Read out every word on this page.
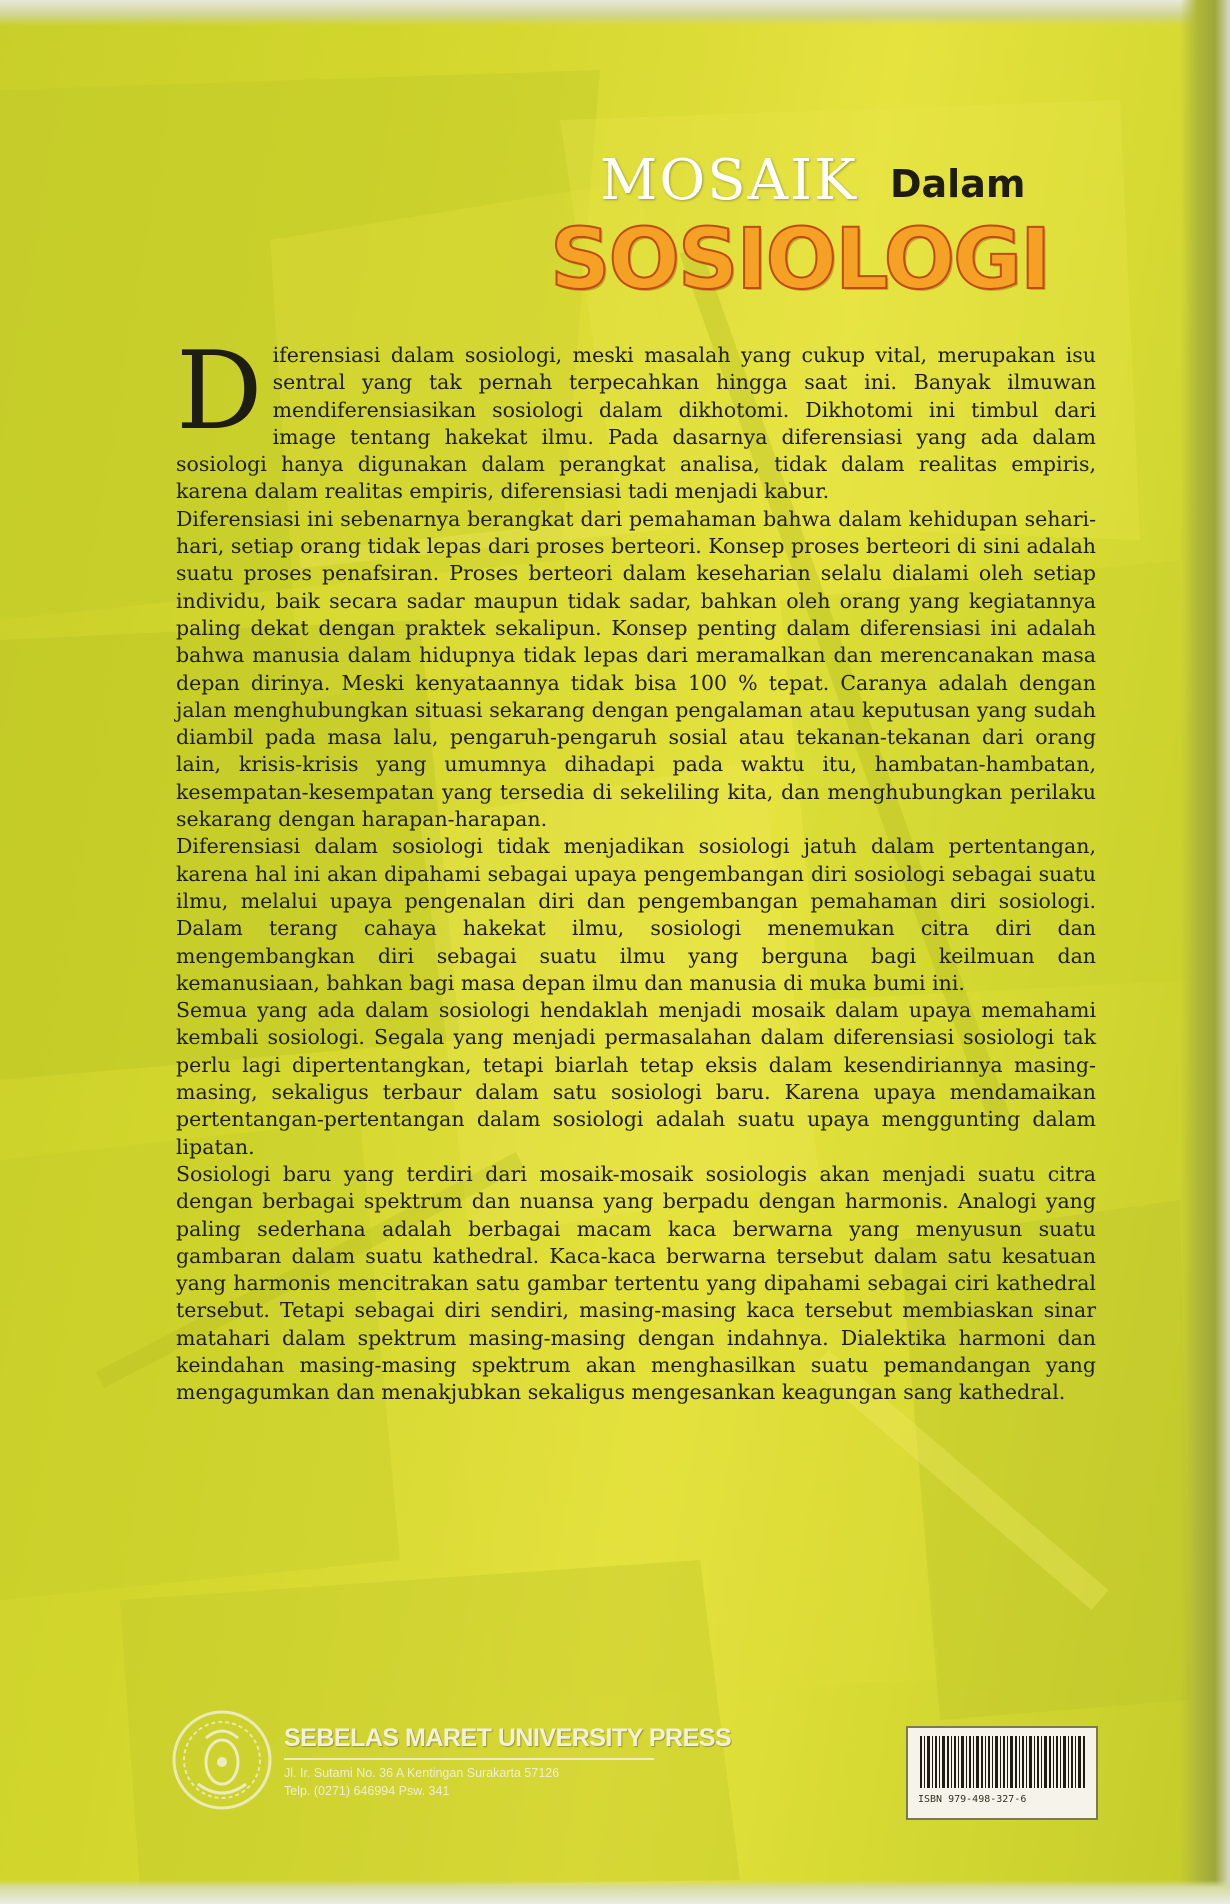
MOSAIK Dalam
SOSIOLOGI

Diferensiasi dalam sosiologi, meski masalah yang cukup vital, merupakan isu sentral yang tak pernah terpecahkan hingga saat ini. Banyak ilmuwan mendiferensiasikan sosiologi dalam dikhotomi. Dikhotomi ini timbul dari image tentang hakekat ilmu. Pada dasarnya diferensiasi yang ada dalam sosiologi hanya digunakan dalam perangkat analisa, tidak dalam realitas empiris, karena dalam realitas empiris, diferensiasi tadi menjadi kabur.

Diferensiasi ini sebenarnya berangkat dari pemahaman bahwa dalam kehidupan sehari-hari, setiap orang tidak lepas dari proses berteori. Konsep proses berteori di sini adalah suatu proses penafsiran. Proses berteori dalam keseharian selalu dialami oleh setiap individu, baik secara sadar maupun tidak sadar, bahkan oleh orang yang kegiatannya paling dekat dengan praktek sekalipun. Konsep penting dalam diferensiasi ini adalah bahwa manusia dalam hidupnya tidak lepas dari meramalkan dan merencanakan masa depan dirinya. Meski kenyataannya tidak bisa 100 % tepat. Caranya adalah dengan jalan menghubungkan situasi sekarang dengan pengalaman atau keputusan yang sudah diambil pada masa lalu, pengaruh-pengaruh sosial atau tekanan-tekanan dari orang lain, krisis-krisis yang umumnya dihadapi pada waktu itu, hambatan-hambatan, kesempatan-kesempatan yang tersedia di sekeliling kita, dan menghubungkan perilaku sekarang dengan harapan-harapan.

Diferensiasi dalam sosiologi tidak menjadikan sosiologi jatuh dalam pertentangan, karena hal ini akan dipahami sebagai upaya pengembangan diri sosiologi sebagai suatu ilmu, melalui upaya pengenalan diri dan pengembangan pemahaman diri sosiologi. Dalam terang cahaya hakekat ilmu, sosiologi menemukan citra diri dan mengembangkan diri sebagai suatu ilmu yang berguna bagi keilmuan dan kemanusiaan, bahkan bagi masa depan ilmu dan manusia di muka bumi ini.

Semua yang ada dalam sosiologi hendaklah menjadi mosaik dalam upaya memahami kembali sosiologi. Segala yang menjadi permasalahan dalam diferensiasi sosiologi tak perlu lagi dipertentangkan, tetapi biarlah tetap eksis dalam kesendiriannya masing-masing, sekaligus terbaur dalam satu sosiologi baru. Karena upaya mendamaikan pertentangan-pertentangan dalam sosiologi adalah suatu upaya menggunting dalam lipatan.

Sosiologi baru yang terdiri dari mosaik-mosaik sosiologis akan menjadi suatu citra dengan berbagai spektrum dan nuansa yang berpadu dengan harmonis. Analogi yang paling sederhana adalah berbagai macam kaca berwarna yang menyusun suatu gambaran dalam suatu kathedral. Kaca-kaca berwarna tersebut dalam satu kesatuan yang harmonis mencitrakan satu gambar tertentu yang dipahami sebagai ciri kathedral tersebut. Tetapi sebagai diri sendiri, masing-masing kaca tersebut membiaskan sinar matahari dalam spektrum masing-masing dengan indahnya. Dialektika harmoni dan keindahan masing-masing spektrum akan menghasilkan suatu pemandangan yang mengagumkan dan menakjubkan sekaligus mengesankan keagungan sang kathedral.

SEBELAS MARET UNIVERSITY PRESS
Jl. Ir. Sutami No. 36 A Kentingan Surakarta 57126
Telp. (0271) 646994 Psw. 341
ISBN 979-498-327-6
